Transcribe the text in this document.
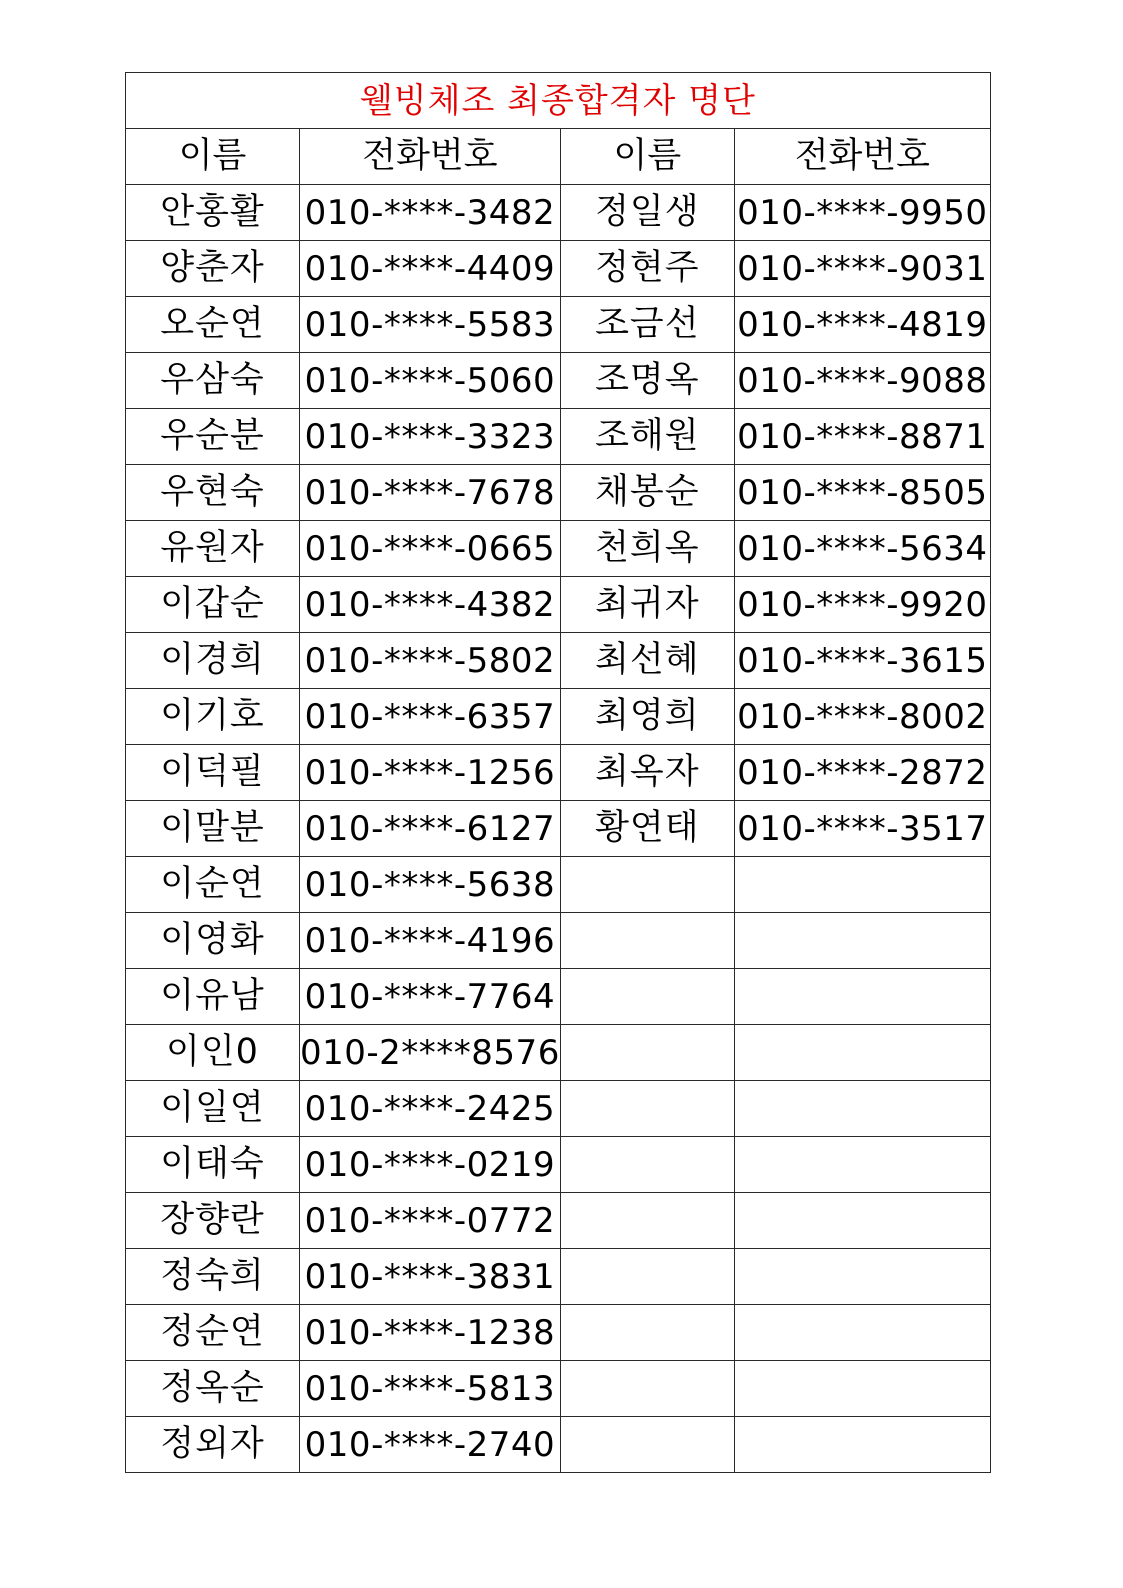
웰빙체조 최종합격자 명단			
이름	전화번호	이름	전화번호
안홍활	010-****-3482	정일생	010-****-9950
양춘자	010-****-4409	정현주	010-****-9031
오순연	010-****-5583	조금선	010-****-4819
우삼숙	010-****-5060	조명옥	010-****-9088
우순분	010-****-3323	조해원	010-****-8871
우현숙	010-****-7678	채봉순	010-****-8505
유원자	010-****-0665	천희옥	010-****-5634
이갑순	010-****-4382	최귀자	010-****-9920
이경희	010-****-5802	최선혜	010-****-3615
이기호	010-****-6357	최영희	010-****-8002
이덕필	010-****-1256	최옥자	010-****-2872
이말분	010-****-6127	황연태	010-****-3517
이순연	010-****-5638		
이영화	010-****-4196		
이유남	010-****-7764		
이인0	010-2****8576		
이일연	010-****-2425		
이태숙	010-****-0219		
장향란	010-****-0772		
정숙희	010-****-3831		
정순연	010-****-1238		
정옥순	010-****-5813		
정외자	010-****-2740		
